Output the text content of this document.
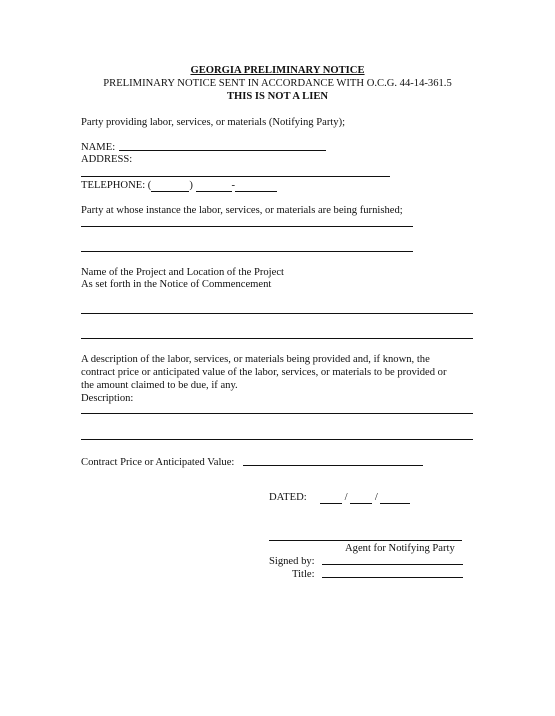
GEORGIA PRELIMINARY NOTICE
PRELIMINARY NOTICE SENT IN ACCORDANCE WITH O.C.G. 44-14-361.5
THIS IS NOT A LIEN
Party providing labor, services, or materials (Notifying Party);
NAME:
ADDRESS:
TELEPHONE: (	)	-
Party at whose instance the labor, services, or materials are being furnished;
Name of the Project and Location of the Project
As set forth in the Notice of Commencement
A description of the labor, services, or materials being provided and, if known, the
contract price or anticipated value of the labor, services, or materials to be provided or
the amount claimed to be due, if any.
Description:
Contract Price or Anticipated Value:
DATED:	/	/
Agent for Notifying Party
Signed by:
Title:
